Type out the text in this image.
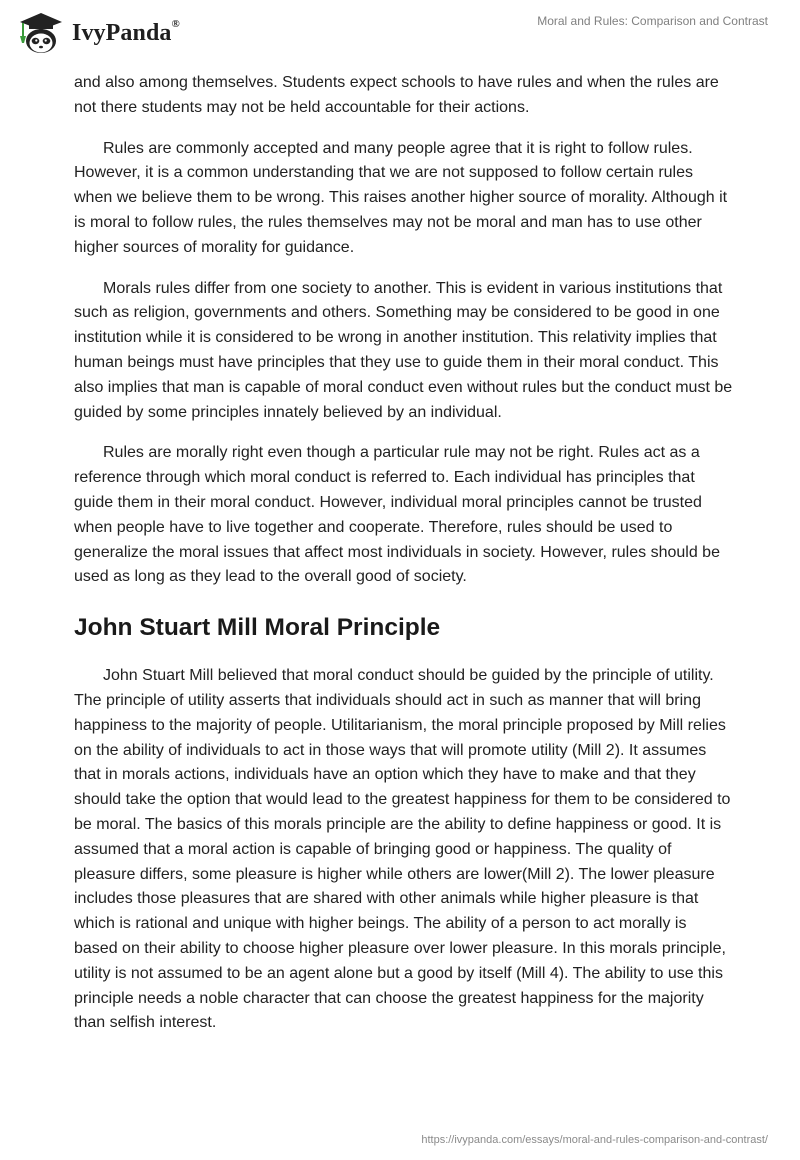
IvyPanda®	Moral and Rules: Comparison and Contrast

and also among themselves. Students expect schools to have rules and when the rules are not there students may not be held accountable for their actions.

Rules are commonly accepted and many people agree that it is right to follow rules. However, it is a common understanding that we are not supposed to follow certain rules when we believe them to be wrong. This raises another higher source of morality. Although it is moral to follow rules, the rules themselves may not be moral and man has to use other higher sources of morality for guidance.

Morals rules differ from one society to another. This is evident in various institutions that such as religion, governments and others. Something may be considered to be good in one institution while it is considered to be wrong in another institution. This relativity implies that human beings must have principles that they use to guide them in their moral conduct. This also implies that man is capable of moral conduct even without rules but the conduct must be guided by some principles innately believed by an individual.

Rules are morally right even though a particular rule may not be right. Rules act as a reference through which moral conduct is referred to. Each individual has principles that guide them in their moral conduct. However, individual moral principles cannot be trusted when people have to live together and cooperate. Therefore, rules should be used to generalize the moral issues that affect most individuals in society. However, rules should be used as long as they lead to the overall good of society.

John Stuart Mill Moral Principle

John Stuart Mill believed that moral conduct should be guided by the principle of utility. The principle of utility asserts that individuals should act in such as manner that will bring happiness to the majority of people. Utilitarianism, the moral principle proposed by Mill relies on the ability of individuals to act in those ways that will promote utility (Mill 2). It assumes that in morals actions, individuals have an option which they have to make and that they should take the option that would lead to the greatest happiness for them to be considered to be moral. The basics of this morals principle are the ability to define happiness or good. It is assumed that a moral action is capable of bringing good or happiness. The quality of pleasure differs, some pleasure is higher while others are lower(Mill 2). The lower pleasure includes those pleasures that are shared with other animals while higher pleasure is that which is rational and unique with higher beings. The ability of a person to act morally is based on their ability to choose higher pleasure over lower pleasure. In this morals principle, utility is not assumed to be an agent alone but a good by itself (Mill 4). The ability to use this principle needs a noble character that can choose the greatest happiness for the majority than selfish interest.

https://ivypanda.com/essays/moral-and-rules-comparison-and-contrast/
